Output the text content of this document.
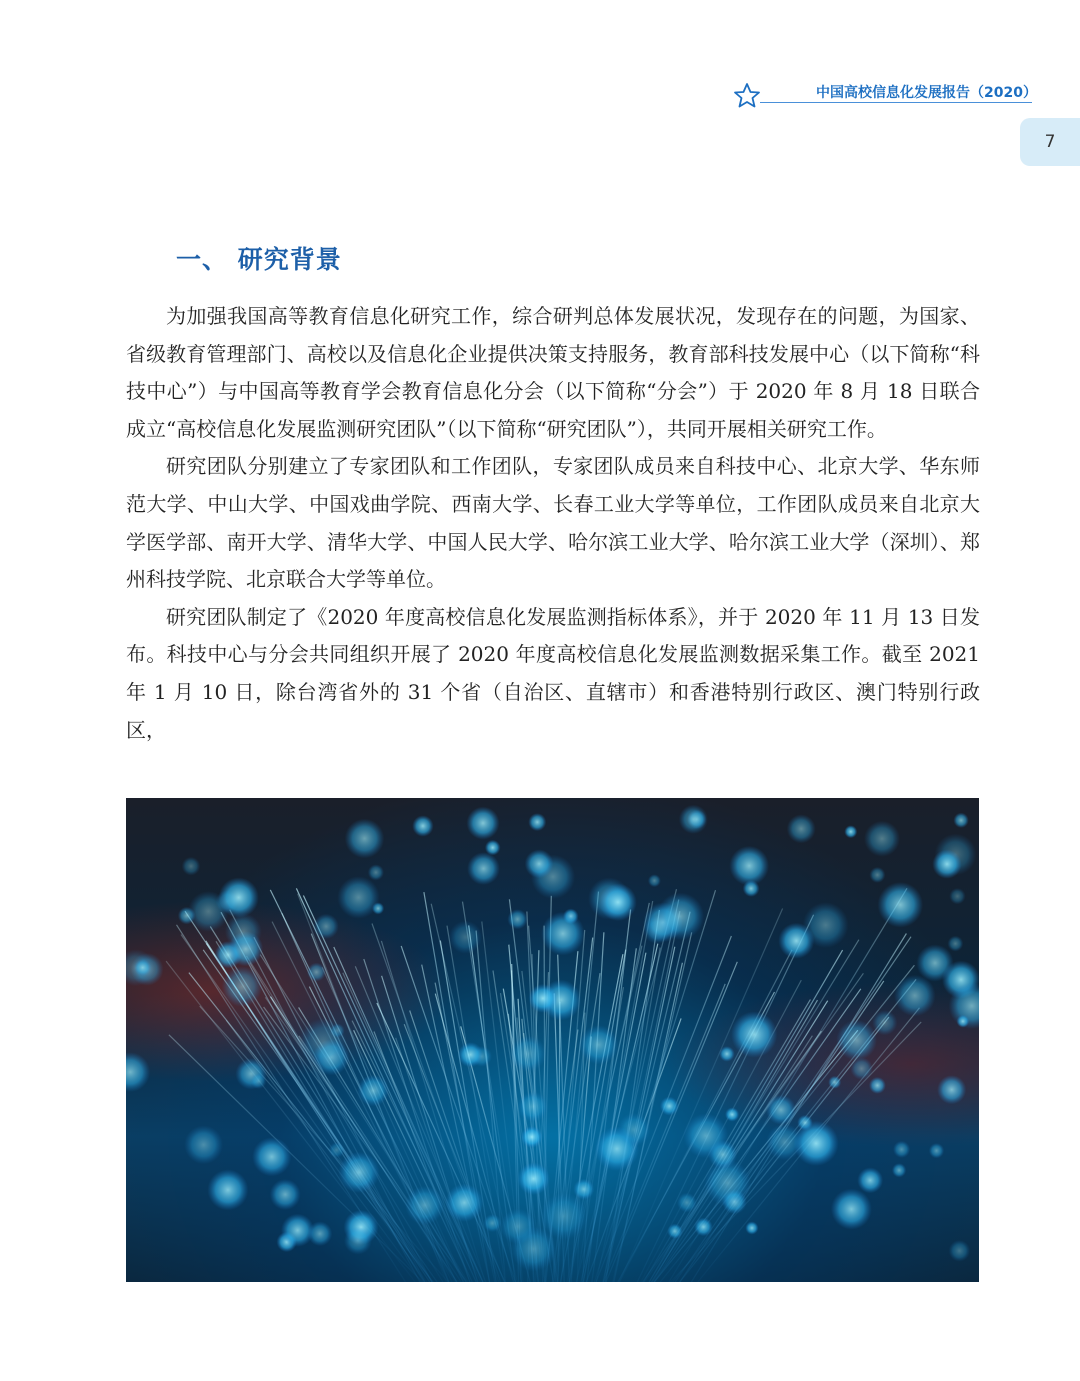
中国高校信息化发展报告（2020）
7
一、 研究背景

为加强我国高等教育信息化研究工作，综合研判总体发展状况，发现存在的问题，为国家、省级教育管理部门、高校以及信息化企业提供决策支持服务，教育部科技发展中心（以下简称“科技中心”）与中国高等教育学会教育信息化分会（以下简称“分会”）于 2020 年 8 月 18 日联合成立“高校信息化发展监测研究团队”（以下简称“研究团队”），共同开展相关研究工作。

研究团队分别建立了专家团队和工作团队，专家团队成员来自科技中心、北京大学、华东师范大学、中山大学、中国戏曲学院、西南大学、长春工业大学等单位，工作团队成员来自北京大学医学部、南开大学、清华大学、中国人民大学、哈尔滨工业大学、哈尔滨工业大学（深圳）、郑州科技学院、北京联合大学等单位。

研究团队制定了《2020 年度高校信息化发展监测指标体系》，并于 2020 年 11 月 13 日发布。科技中心与分会共同组织开展了 2020 年度高校信息化发展监测数据采集工作。截至 2021 年 1 月 10 日，除台湾省外的 31 个省（自治区、直辖市）和香港特别行政区、澳门特别行政区，
